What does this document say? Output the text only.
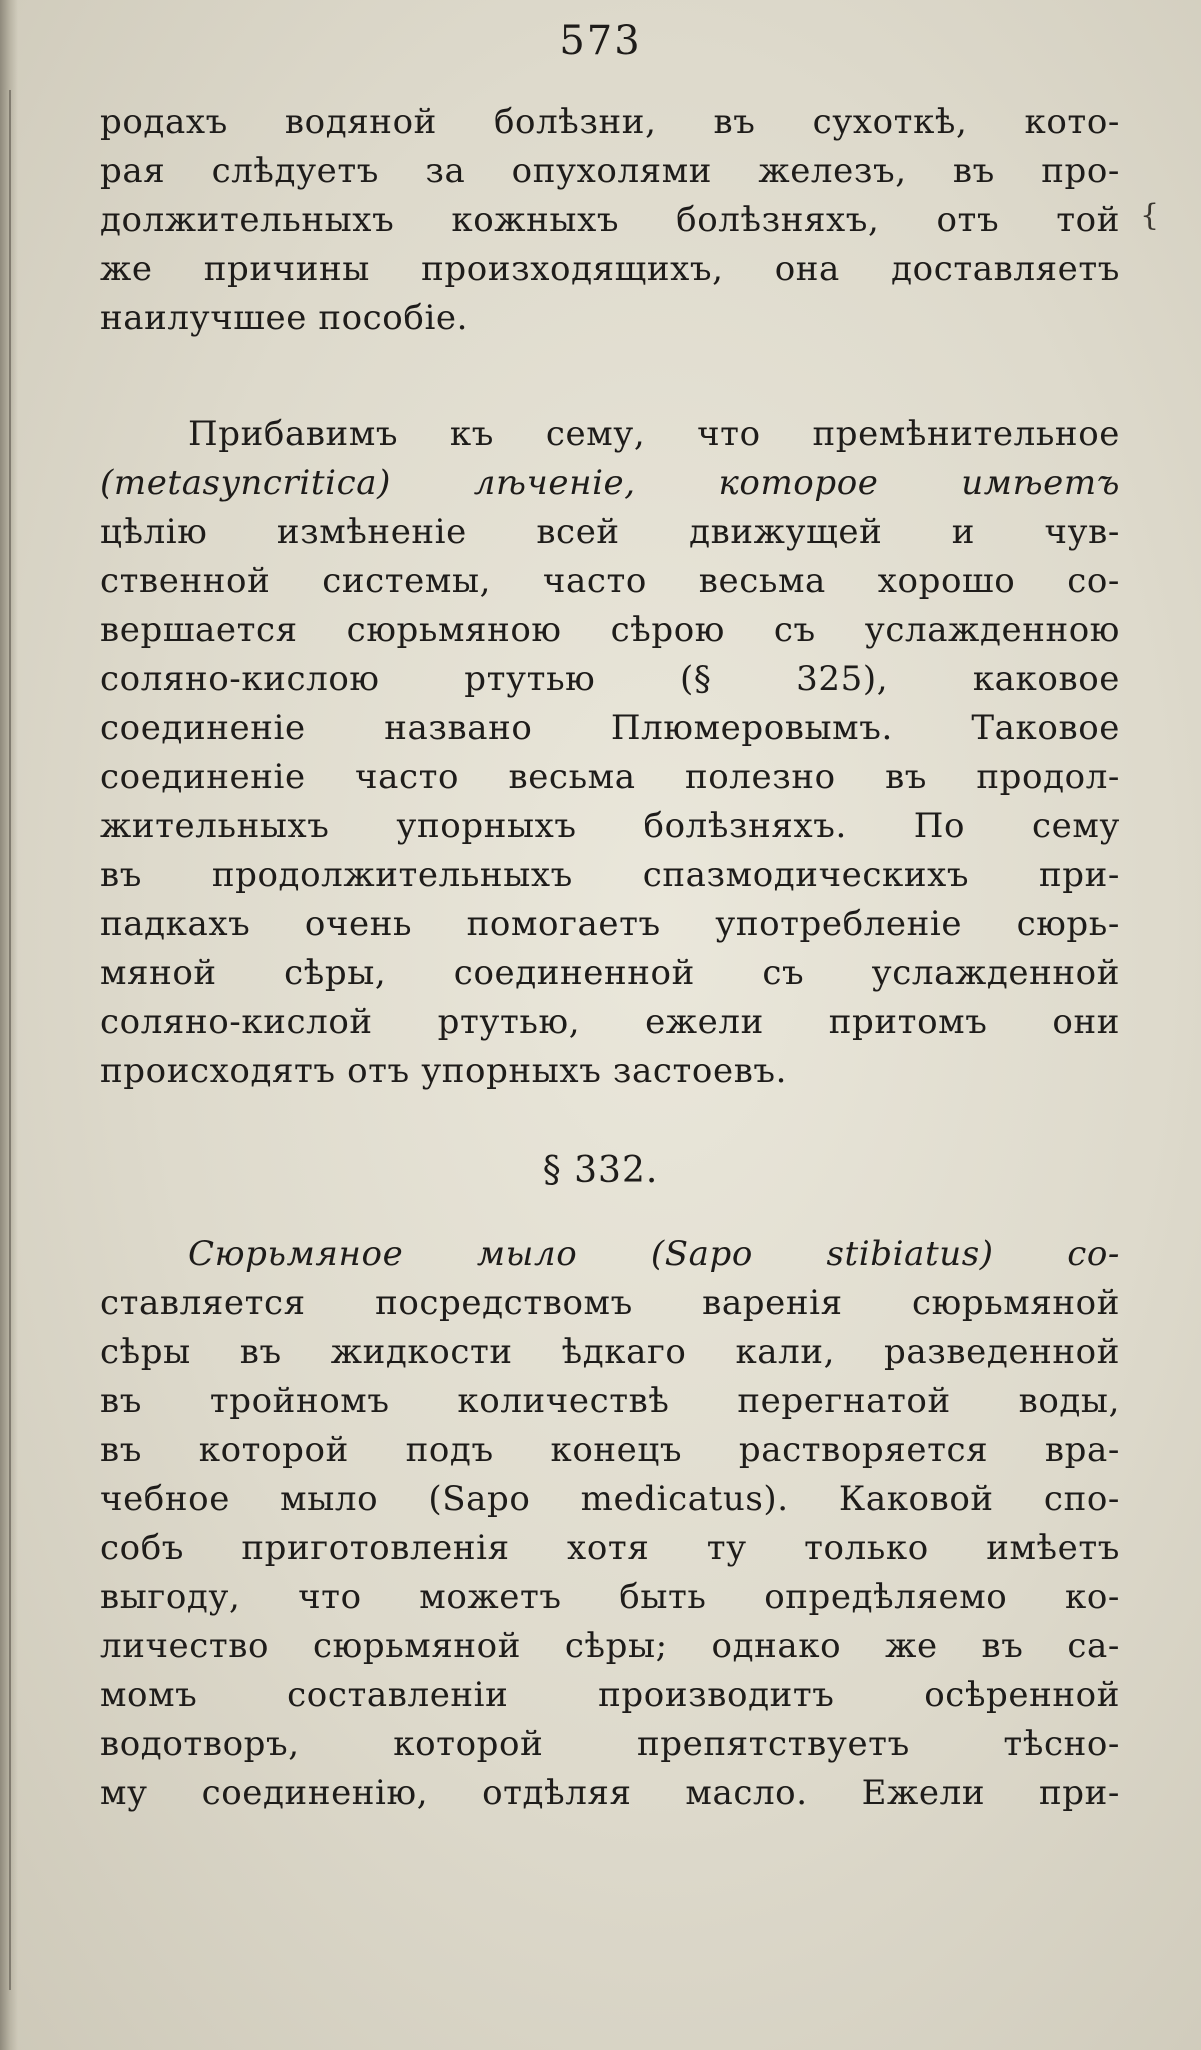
573
{
родахъ водяной болѣзни, въ сухоткѣ, кото-
рая слѣдуетъ за опухолями железъ, въ про-
должительныхъ кожныхъ болѣзняхъ, отъ той
же причины произходящихъ, она доставляетъ
наилучшее пособіе.
Прибавимъ къ сему, что премѣнительное
(metasyncritica) лѣченіе, которое имѣетъ
цѣлію измѣненіе всей движущей и чув-
ственной системы, часто весьма хорошо со-
вершается сюрьмяною сѣрою съ услажденною
соляно-кислою ртутью (§ 325), каковое
соединеніе названо Плюмеровымъ. Таковое
соединеніе часто весьма полезно въ продол-
жительныхъ упорныхъ болѣзняхъ. По сему
въ продолжительныхъ спазмодическихъ при-
падкахъ очень помогаетъ употребленіе сюрь-
мяной сѣры, соединенной съ услажденной
соляно-кислой ртутью, ежели притомъ они
происходятъ отъ упорныхъ застоевъ.
§ 332.
Сюрьмяное мыло (Sapo stibiatus) со-
ставляется посредствомъ варенія сюрьмяной
сѣры въ жидкости ѣдкаго кали, разведенной
въ тройномъ количествѣ перегнатой воды,
въ которой подъ конецъ растворяется вра-
чебное мыло (Sapo medicatus). Каковой спо-
собъ приготовленія хотя ту только имѣетъ
выгоду, что можетъ быть опредѣляемо ко-
личество сюрьмяной сѣры; однако же въ са-
момъ составленіи производитъ осѣренной
водотворъ, которой препятствуетъ тѣсно-
му соединенію, отдѣляя масло. Ежели при-
